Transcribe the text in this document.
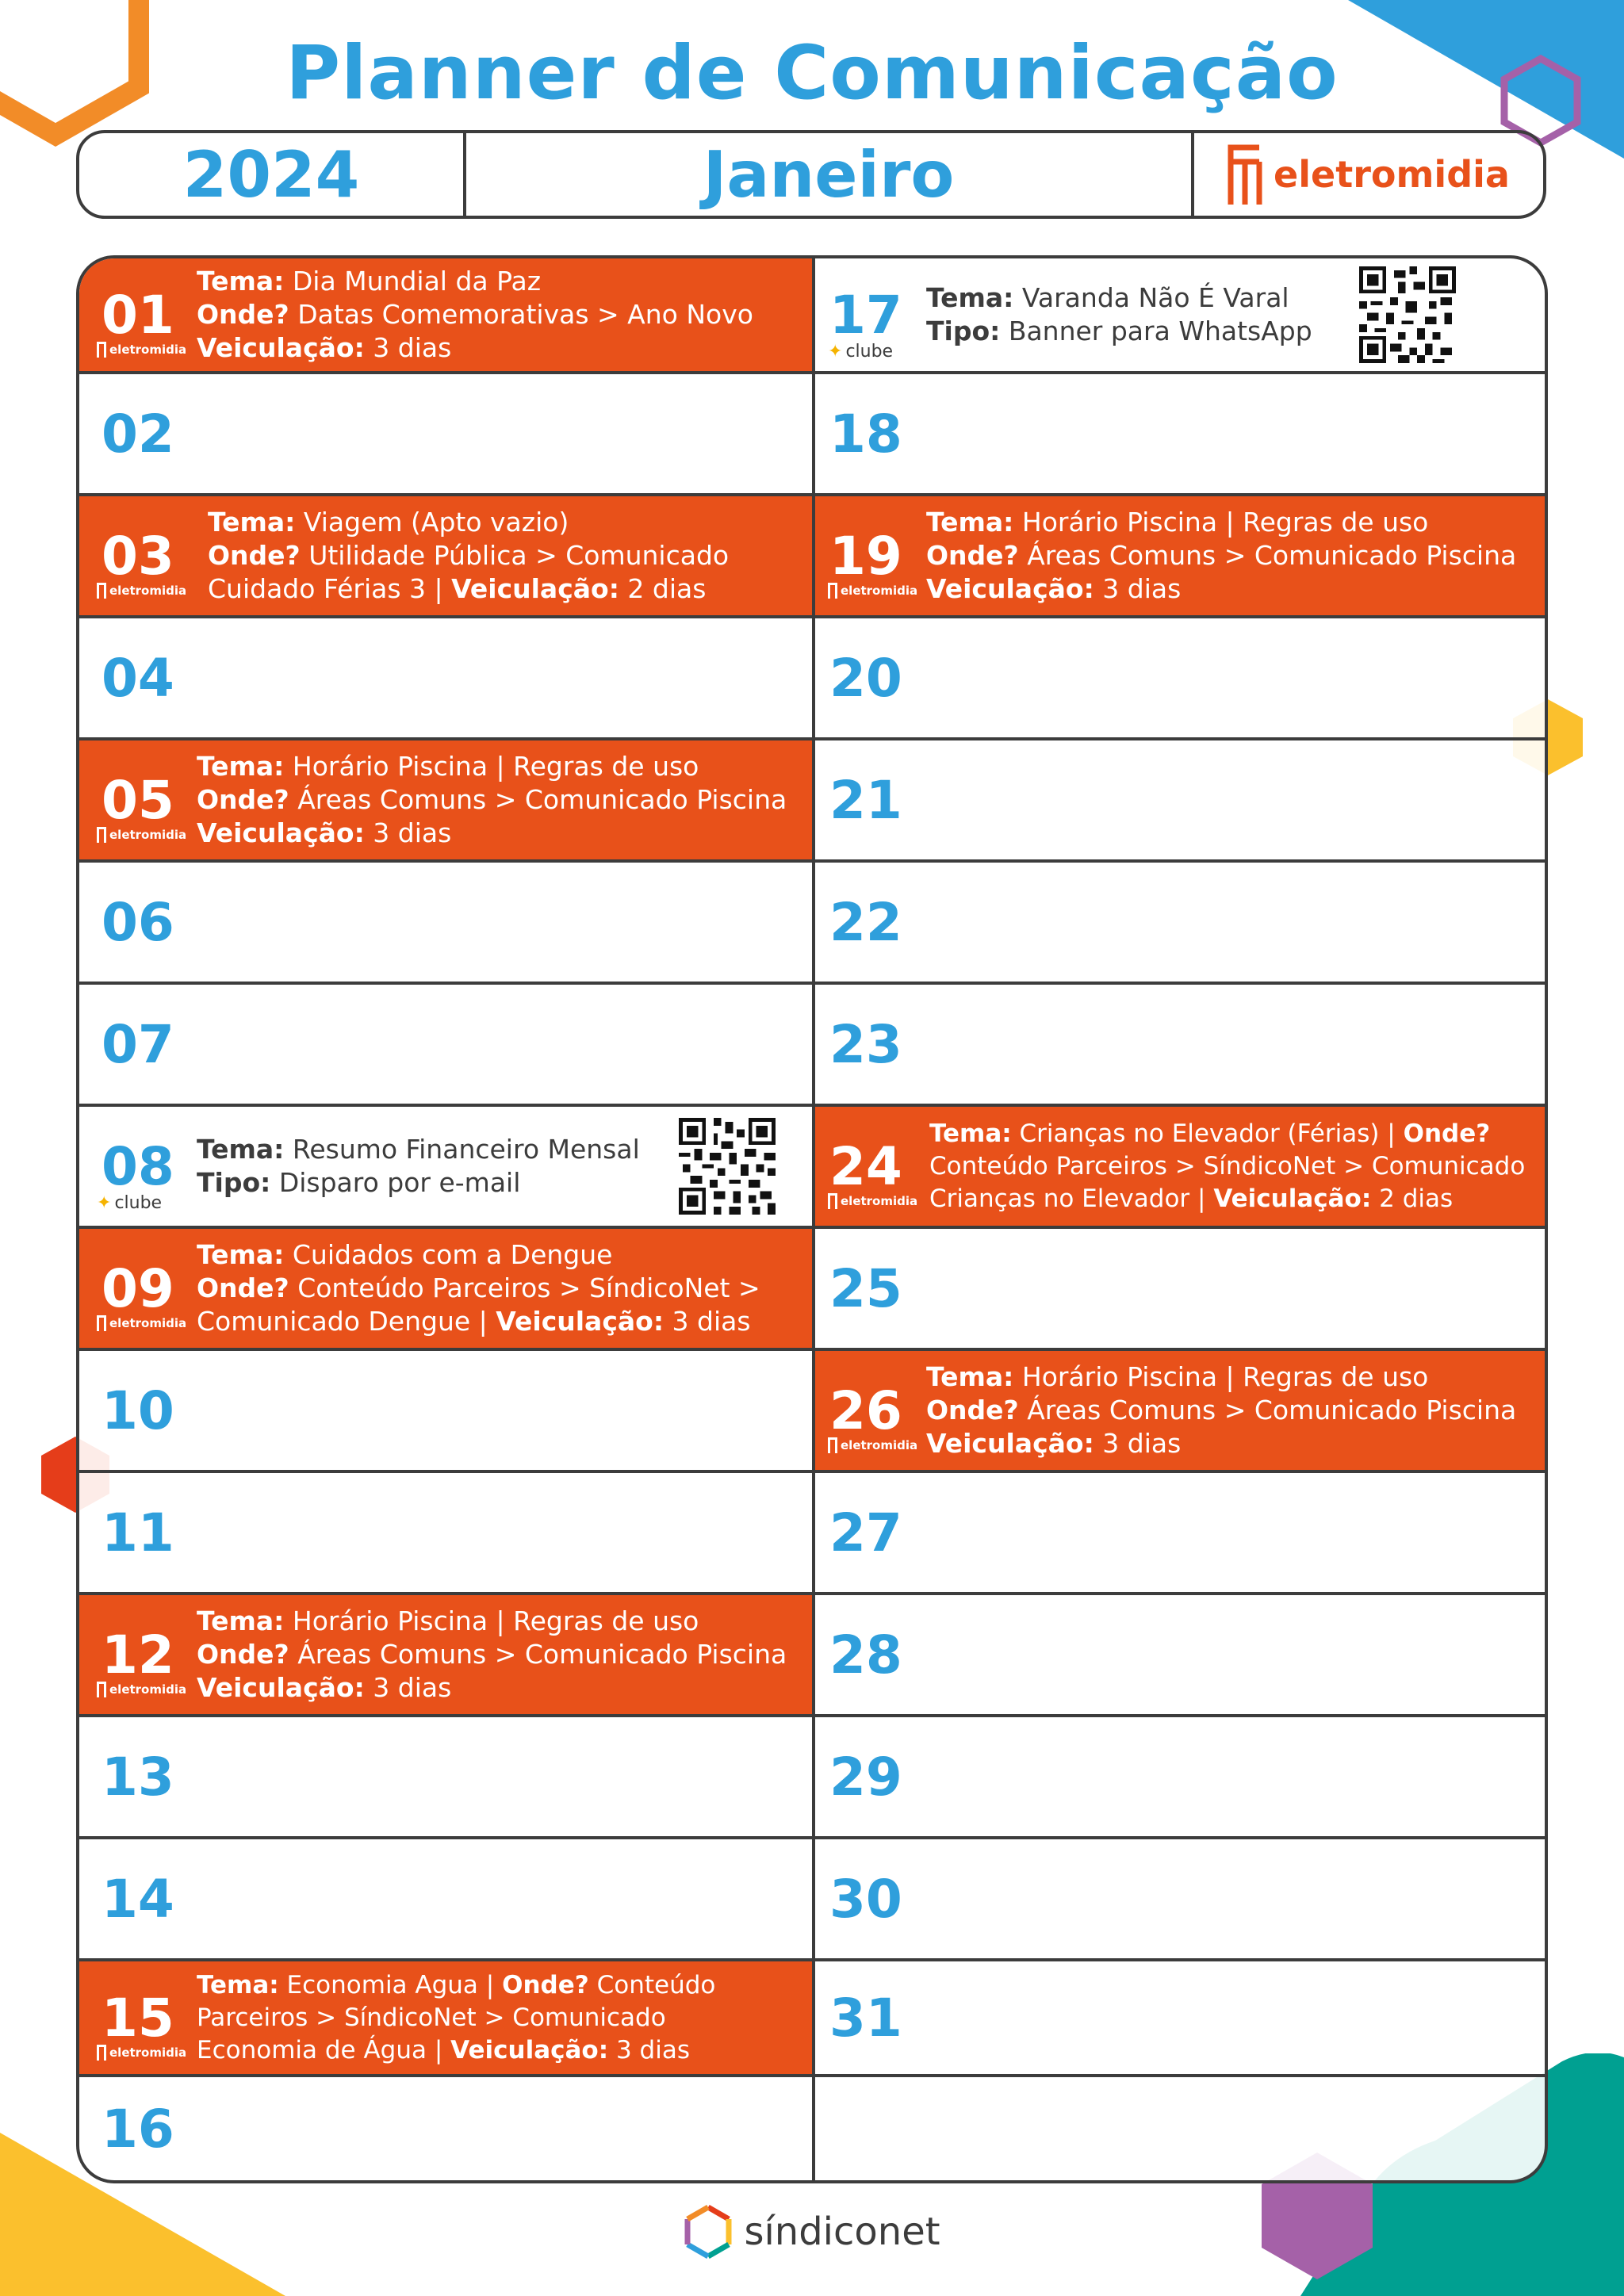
Planner de Comunicação
2024	Janeiro	eletromidia
01
eletromidia
Tema: Dia Mundial da Paz
Onde? Datas Comemorativas > Ano Novo
Veiculação: 3 dias
02
03
eletromidia
Tema: Viagem (Apto vazio)
Onde? Utilidade Pública > Comunicado
Cuidado Férias 3 | Veiculação: 2 dias
04
05
eletromidia
Tema: Horário Piscina | Regras de uso
Onde? Áreas Comuns > Comunicado Piscina
Veiculação: 3 dias
06
07
08
✦ clube
Tema: Resumo Financeiro Mensal
Tipo: Disparo por e-mail
09
eletromidia
Tema: Cuidados com a Dengue
Onde? Conteúdo Parceiros > SíndicoNet >
Comunicado Dengue | Veiculação: 3 dias
10
11
12
eletromidia
Tema: Horário Piscina | Regras de uso
Onde? Áreas Comuns > Comunicado Piscina
Veiculação: 3 dias
13
14
15
eletromidia
Tema: Economia Agua | Onde? Conteúdo
Parceiros > SíndicoNet > Comunicado
Economia de Água | Veiculação: 3 dias
16
17
✦ clube
Tema: Varanda Não É Varal
Tipo: Banner para WhatsApp
18
19
eletromidia
Tema: Horário Piscina | Regras de uso
Onde? Áreas Comuns > Comunicado Piscina
Veiculação: 3 dias
20
21
22
23
24
eletromidia
Tema: Crianças no Elevador (Férias) | Onde?
Conteúdo Parceiros > SíndicoNet > Comunicado
Crianças no Elevador | Veiculação: 2 dias
25
26
eletromidia
Tema: Horário Piscina | Regras de uso
Onde? Áreas Comuns > Comunicado Piscina
Veiculação: 3 dias
27
28
29
30
31
síndiconet
